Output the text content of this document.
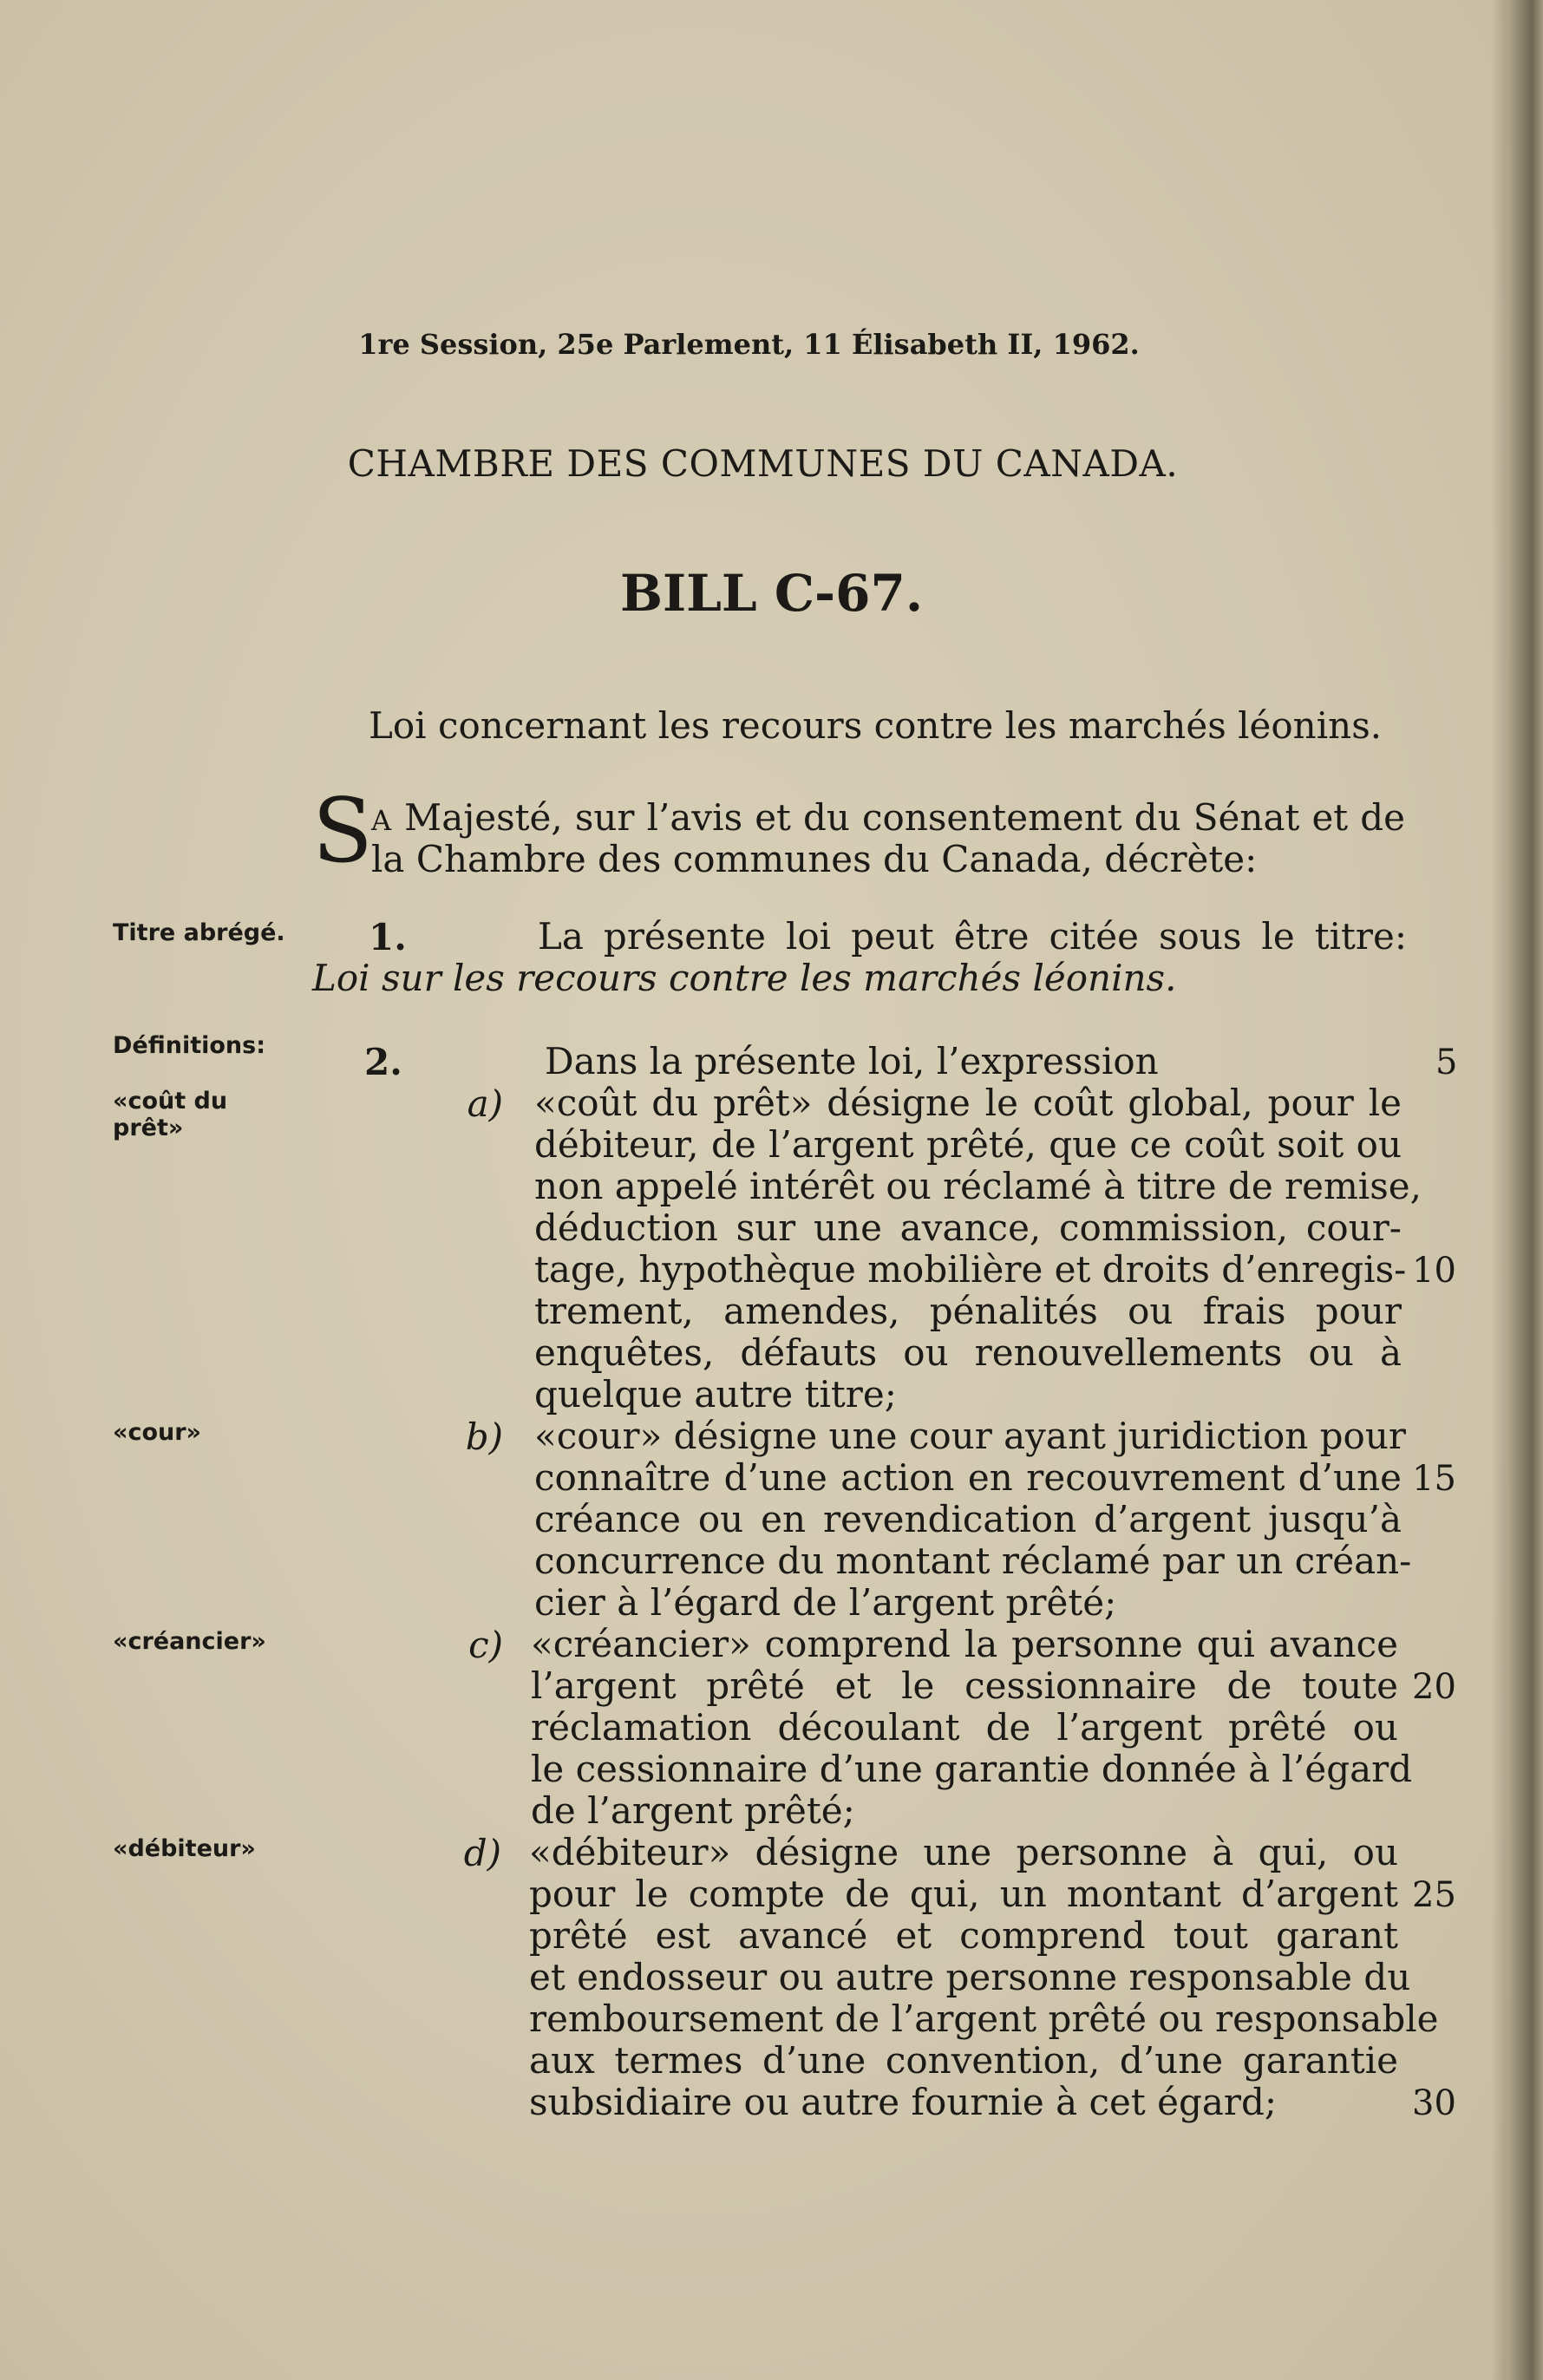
1re Session, 25e Parlement, 11 Élisabeth II, 1962.
CHAMBRE DES COMMUNES DU CANADA.
BILL C-67.
Loi concernant les recours contre les marchés léonins.
S
A Majesté, sur l’avis et du consentement du Sénat et de
la Chambre des communes du Canada, décrète:
Titre abrégé.
Définitions:
«coût du
prêt»
«cour»
«créancier»
«débiteur»
1.	La présente loi peut être citée sous le titre:
Loi sur les recours contre les marchés léonins.
2.	Dans la présente loi, l’expression
a) «coût du prêt» désigne le coût global, pour le
débiteur, de l’argent prêté, que ce coût soit ou
non appelé intérêt ou réclamé à titre de remise,
déduction sur une avance, commission, cour-
tage, hypothèque mobilière et droits d’enregis-
trement, amendes, pénalités ou frais pour
enquêtes, défauts ou renouvellements ou à
quelque autre titre;
b) «cour» désigne une cour ayant juridiction pour
connaître d’une action en recouvrement d’une
créance ou en revendication d’argent jusqu’à
concurrence du montant réclamé par un créan-
cier à l’égard de l’argent prêté;
c) «créancier» comprend la personne qui avance
l’argent prêté et le cessionnaire de toute
réclamation découlant de l’argent prêté ou
le cessionnaire d’une garantie donnée à l’égard
de l’argent prêté;
d) «débiteur» désigne une personne à qui, ou
pour le compte de qui, un montant d’argent
prêté est avancé et comprend tout garant
et endosseur ou autre personne responsable du
remboursement de l’argent prêté ou responsable
aux termes d’une convention, d’une garantie
subsidiaire ou autre fournie à cet égard;
5
10
15
20
25
30
